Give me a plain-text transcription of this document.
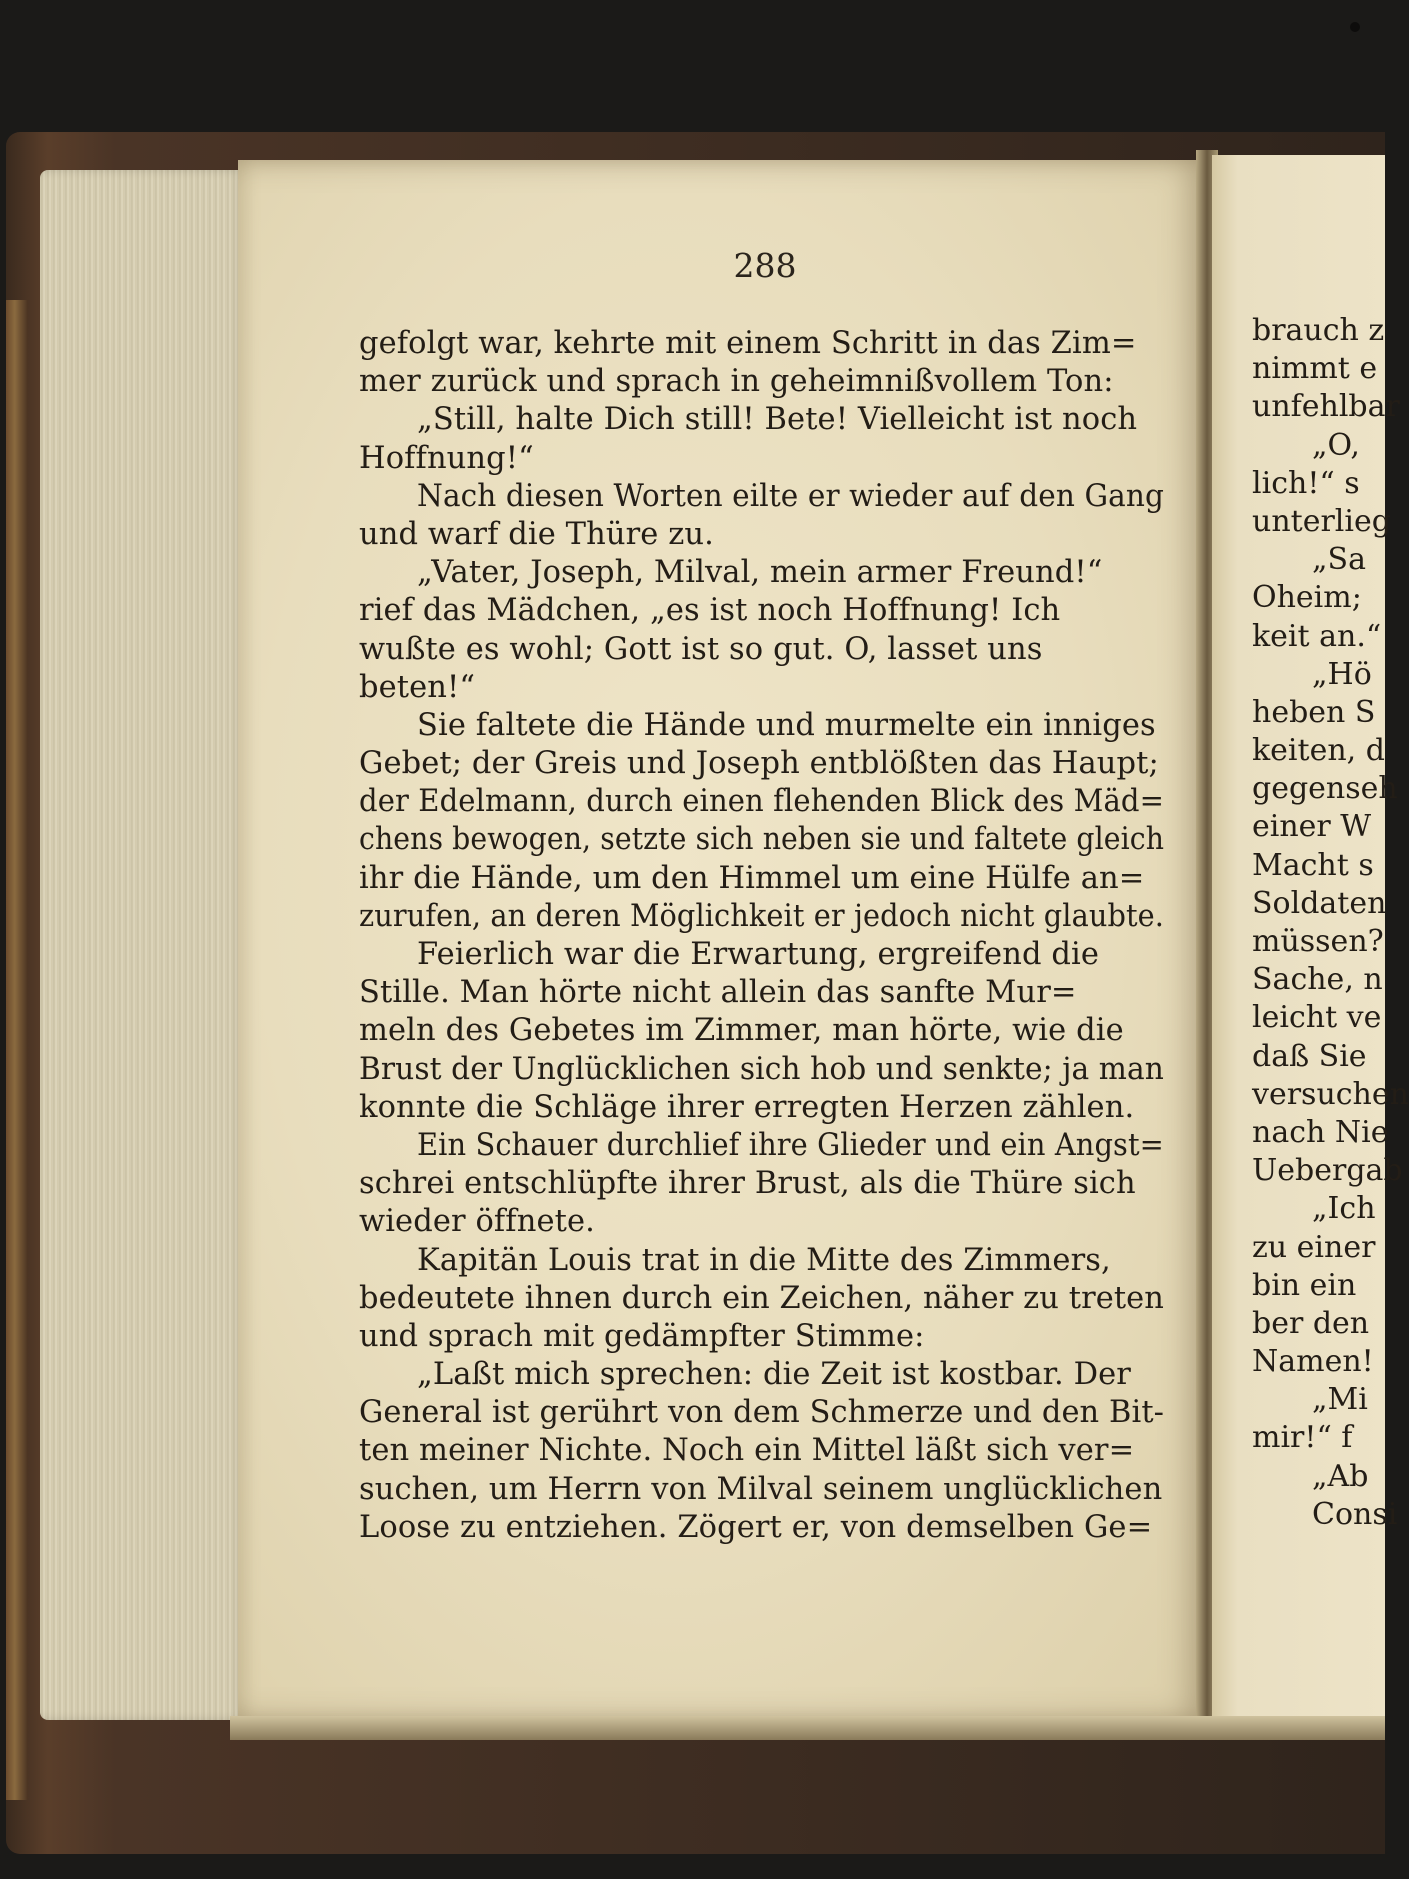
288
gefolgt war, kehrte mit einem Schritt in das Zim=
mer zurück und sprach in geheimnißvollem Ton:
„Still, halte Dich still! Bete! Vielleicht ist noch
Hoffnung!“
Nach diesen Worten eilte er wieder auf den Gang
und warf die Thüre zu.
„Vater, Joseph, Milval, mein armer Freund!“
rief das Mädchen, „es ist noch Hoffnung! Ich
wußte es wohl; Gott ist so gut. O, lasset uns
beten!“
Sie faltete die Hände und murmelte ein inniges
Gebet; der Greis und Joseph entblößten das Haupt;
der Edelmann, durch einen flehenden Blick des Mäd=
chens bewogen, setzte sich neben sie und faltete gleich
ihr die Hände, um den Himmel um eine Hülfe an=
zurufen, an deren Möglichkeit er jedoch nicht glaubte.
Feierlich war die Erwartung, ergreifend die
Stille. Man hörte nicht allein das sanfte Mur=
meln des Gebetes im Zimmer, man hörte, wie die
Brust der Unglücklichen sich hob und senkte; ja man
konnte die Schläge ihrer erregten Herzen zählen.
Ein Schauer durchlief ihre Glieder und ein Angst=
schrei entschlüpfte ihrer Brust, als die Thüre sich
wieder öffnete.
Kapitän Louis trat in die Mitte des Zimmers,
bedeutete ihnen durch ein Zeichen, näher zu treten
und sprach mit gedämpfter Stimme:
„Laßt mich sprechen: die Zeit ist kostbar. Der
General ist gerührt von dem Schmerze und den Bit-
ten meiner Nichte. Noch ein Mittel läßt sich ver=
suchen, um Herrn von Milval seinem unglücklichen
Loose zu entziehen. Zögert er, von demselben Ge=
brauch z
nimmt e
unfehlbar
„O,
lich!“ s
unterlieg
„Sa
Oheim;
keit an.“
„Hö
heben S
keiten, d
gegenseh
einer W
Macht s
Soldaten
müssen?
Sache, n
leicht ve
daß Sie
versuchen
nach Nie
Uebergab
„Ich
zu einer
bin ein
ber den
Namen!
„Mi
mir!“ f
„Ab
Consi
